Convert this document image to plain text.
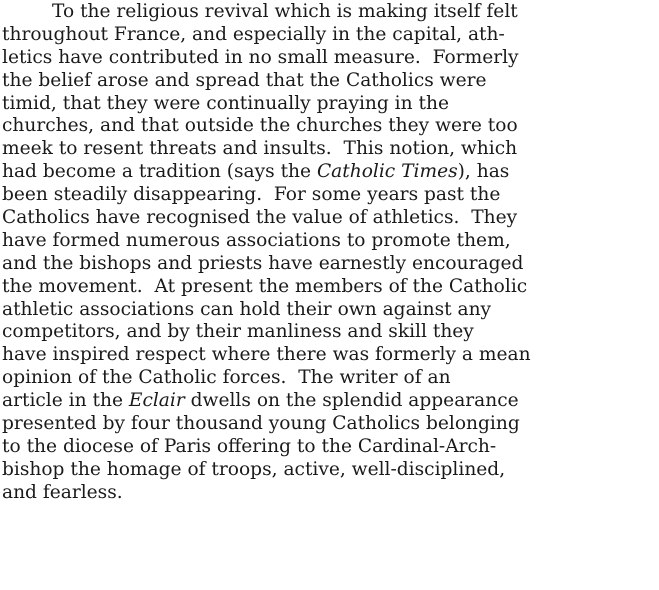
To the religious revival which is making itself felt
throughout France, and especially in the capital, ath-
letics have contributed in no small measure.  Formerly
the belief arose and spread that the Catholics were
timid, that they were continually praying in the
churches, and that outside the churches they were too
meek to resent threats and insults.  This notion, which
had become a tradition (says the Catholic Times), has
been steadily disappearing.  For some years past the
Catholics have recognised the value of athletics.  They
have formed numerous associations to promote them,
and the bishops and priests have earnestly encouraged
the movement.  At present the members of the Catholic
athletic associations can hold their own against any
competitors, and by their manliness and skill they
have inspired respect where there was formerly a mean
opinion of the Catholic forces.  The writer of an
article in the Eclair dwells on the splendid appearance
presented by four thousand young Catholics belonging
to the diocese of Paris offering to the Cardinal-Arch-
bishop the homage of troops, active, well-disciplined,
and fearless.
